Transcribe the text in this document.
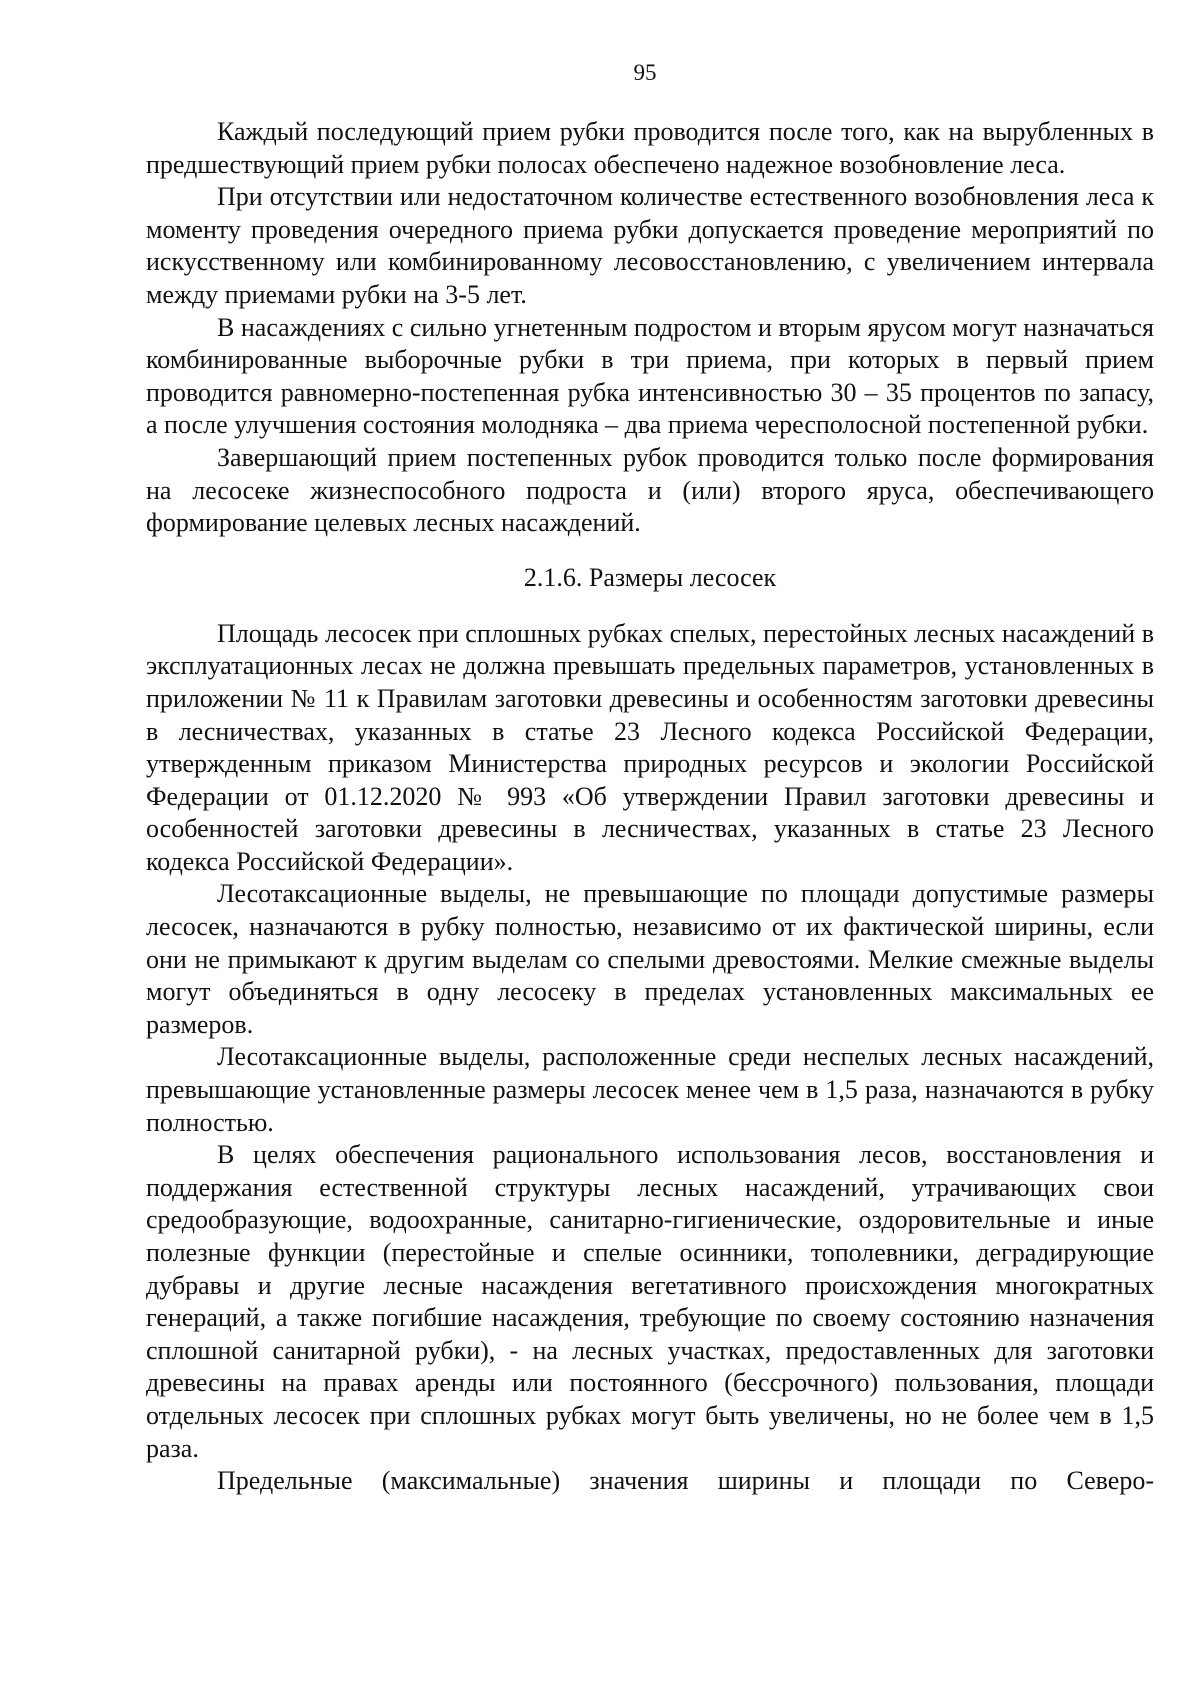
95

Каждый последующий прием рубки проводится после того, как на вырубленных в предшествующий прием рубки полосах обеспечено надежное возобновление леса.

При отсутствии или недостаточном количестве естественного возобновления леса к моменту проведения очередного приема рубки допускается проведение мероприятий по искусственному или комбинированному лесовосстановлению, с увеличением интервала между приемами рубки на 3-5 лет.

В насаждениях с сильно угнетенным подростом и вторым ярусом могут назначаться комбинированные выборочные рубки в три приема, при которых в первый прием проводится равномерно-постепенная рубка интенсивностью 30 – 35 процентов по запасу, а после улучшения состояния молодняка – два приема чересполосной постепенной рубки.

Завершающий прием постепенных рубок проводится только после формирования на лесосеке жизнеспособного подроста и (или) второго яруса, обеспечивающего формирование целевых лесных насаждений.

2.1.6. Размеры лесосек

Площадь лесосек при сплошных рубках спелых, перестойных лесных насаждений в эксплуатационных лесах не должна превышать предельных параметров, установленных в приложении № 11 к Правилам заготовки древесины и особенностям заготовки древесины в лесничествах, указанных в статье 23 Лесного кодекса Российской Федерации, утвержденным приказом Министерства природных ресурсов и экологии Российской Федерации от 01.12.2020 № 993 «Об утверждении Правил заготовки древесины и особенностей заготовки древесины в лесничествах, указанных в статье 23 Лесного кодекса Российской Федерации».

Лесотаксационные выделы, не превышающие по площади допустимые размеры лесосек, назначаются в рубку полностью, независимо от их фактической ширины, если они не примыкают к другим выделам со спелыми древостоями. Мелкие смежные выделы могут объединяться в одну лесосеку в пределах установленных максимальных ее размеров.

Лесотаксационные выделы, расположенные среди неспелых лесных насаждений, превышающие установленные размеры лесосек менее чем в 1,5 раза, назначаются в рубку полностью.

В целях обеспечения рационального использования лесов, восстановления и поддержания естественной структуры лесных насаждений, утрачивающих свои средообразующие, водоохранные, санитарно-гигиенические, оздоровительные и иные полезные функции (перестойные и спелые осинники, тополевники, деградирующие дубравы и другие лесные насаждения вегетативного происхождения многократных генераций, а также погибшие насаждения, требующие по своему состоянию назначения сплошной санитарной рубки), - на лесных участках, предоставленных для заготовки древесины на правах аренды или постоянного (бессрочного) пользования, площади отдельных лесосек при сплошных рубках могут быть увеличены, но не более чем в 1,5 раза.

Предельные (максимальные) значения ширины и площади по Северо-
